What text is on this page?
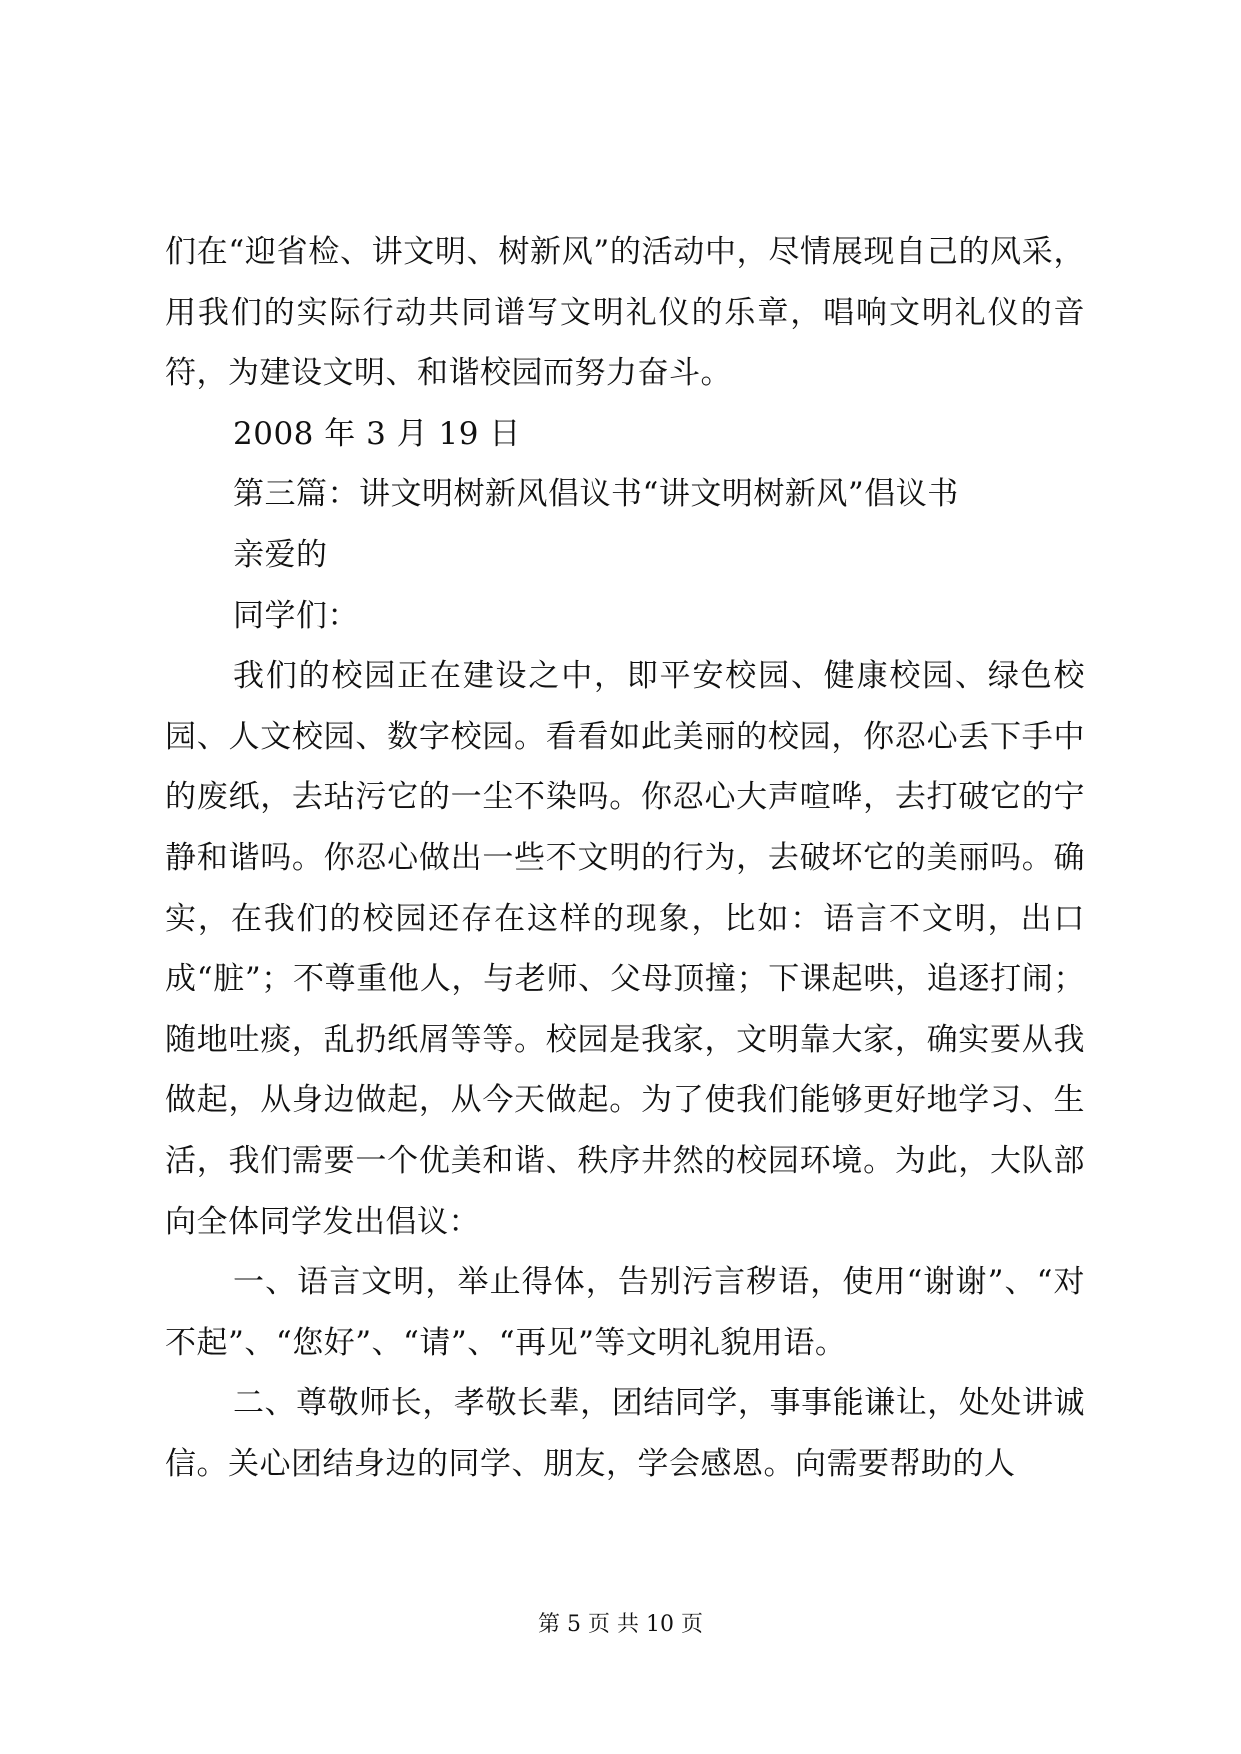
们在“迎省检、讲文明、树新风”的活动中，尽情展现自己的风采，用我们的实际行动共同谱写文明礼仪的乐章，唱响文明礼仪的音符，为建设文明、和谐校园而努力奋斗。

2008 年 3 月 19 日

第三篇：讲文明树新风倡议书“讲文明树新风”倡议书

亲爱的

同学们：

我们的校园正在建设之中，即平安校园、健康校园、绿色校园、人文校园、数字校园。看看如此美丽的校园，你忍心丢下手中的废纸，去玷污它的一尘不染吗。你忍心大声喧哗，去打破它的宁静和谐吗。你忍心做出一些不文明的行为，去破坏它的美丽吗。确实，在我们的校园还存在这样的现象，比如：语言不文明，出口成“脏”；不尊重他人，与老师、父母顶撞；下课起哄，追逐打闹；随地吐痰，乱扔纸屑等等。校园是我家，文明靠大家，确实要从我做起，从身边做起，从今天做起。为了使我们能够更好地学习、生活，我们需要一个优美和谐、秩序井然的校园环境。为此，大队部向全体同学发出倡议：

一、语言文明，举止得体，告别污言秽语，使用“谢谢”、“对不起”、“您好”、“请”、“再见”等文明礼貌用语。

二、尊敬师长，孝敬长辈，团结同学，事事能谦让，处处讲诚信。关心团结身边的同学、朋友，学会感恩。向需要帮助的人

第 5 页 共 10 页
